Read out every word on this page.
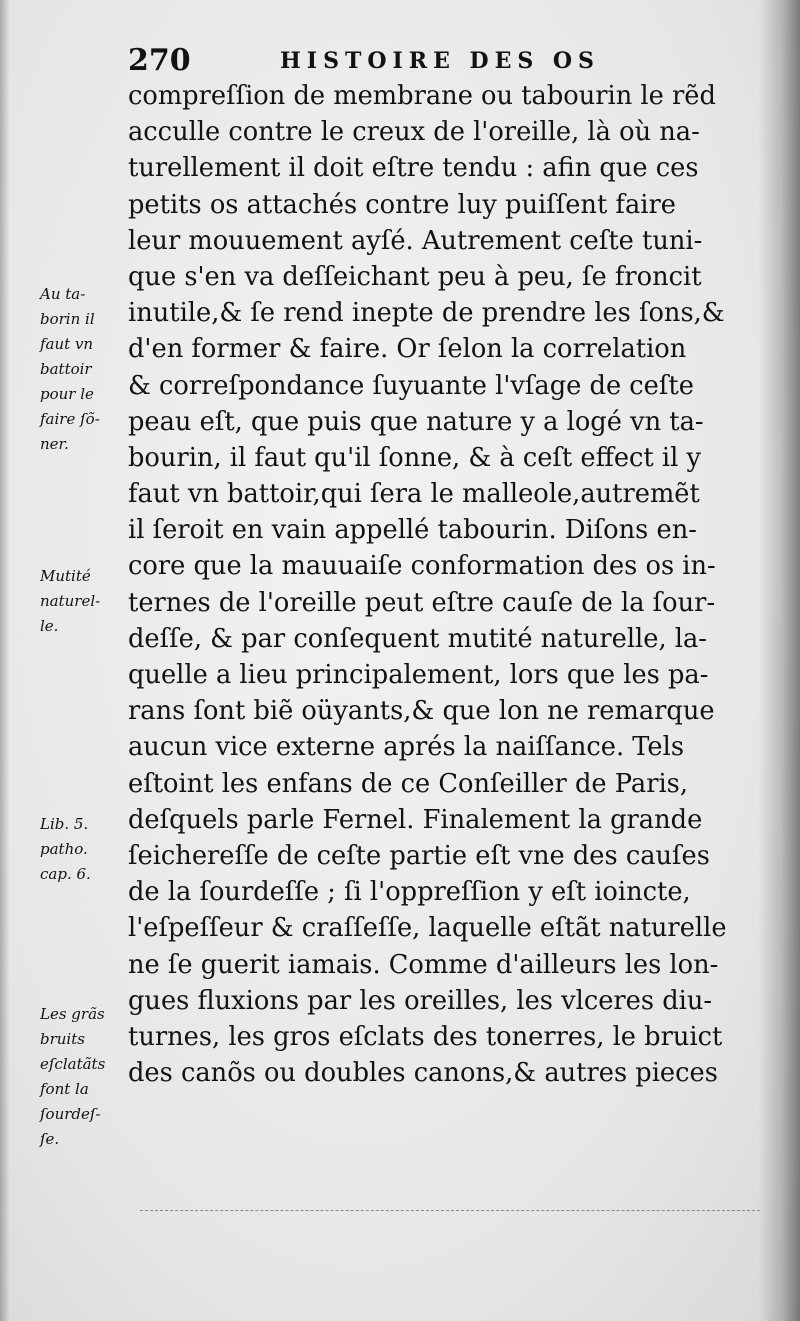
270	HISTOIRE DES OS
compreſſion de membrane ou tabourin le rẽd
acculle contre le creux de l'oreille, là où na-
turellement il doit eſtre tendu : afin que ces
petits os attachés contre luy puiſſent faire
leur mouuement ayſé. Autrement ceſte tuni-
que s'en va deſſeichant peu à peu, ſe froncit
inutile,& ſe rend inepte de prendre les ſons,&
d'en former & faire. Or ſelon la correlation
& correſpondance ſuyuante l'vſage de ceſte
peau eſt, que puis que nature y a logé vn ta-
bourin, il faut qu'il ſonne, & à ceſt effect il y
faut vn battoir,qui ſera le malleole,autremẽt
il ſeroit en vain appellé tabourin. Diſons en-
core que la mauuaiſe conformation des os in-
ternes de l'oreille peut eſtre cauſe de la ſour-
deſſe, & par conſequent mutité naturelle, la-
quelle a lieu principalement, lors que les pa-
rans ſont biẽ oüyants,& que lon ne remarque
aucun vice externe aprés la naiſſance. Tels
eſtoint les enfans de ce Conſeiller de Paris,
deſquels parle Fernel. Finalement la grande
ſeichereſſe de ceſte partie eſt vne des cauſes
de la ſourdeſſe ; ſi l'oppreſſion y eſt ioincte,
l'eſpeſſeur & craſſeſſe, laquelle eſtãt naturelle
ne ſe guerit iamais. Comme d'ailleurs les lon-
gues fluxions par les oreilles, les vlceres diu-
turnes, les gros eſclats des tonerres, le bruict
des canõs ou doubles canons,& autres pieces
Au ta-
borin il
faut vn
battoir
pour le
faire ſõ-
ner.
Mutité
naturel-
le.
Lib. 5.
patho.
cap. 6.
Les grãs
bruits
eſclatãts
font la
ſourdeſ-
ſe.
